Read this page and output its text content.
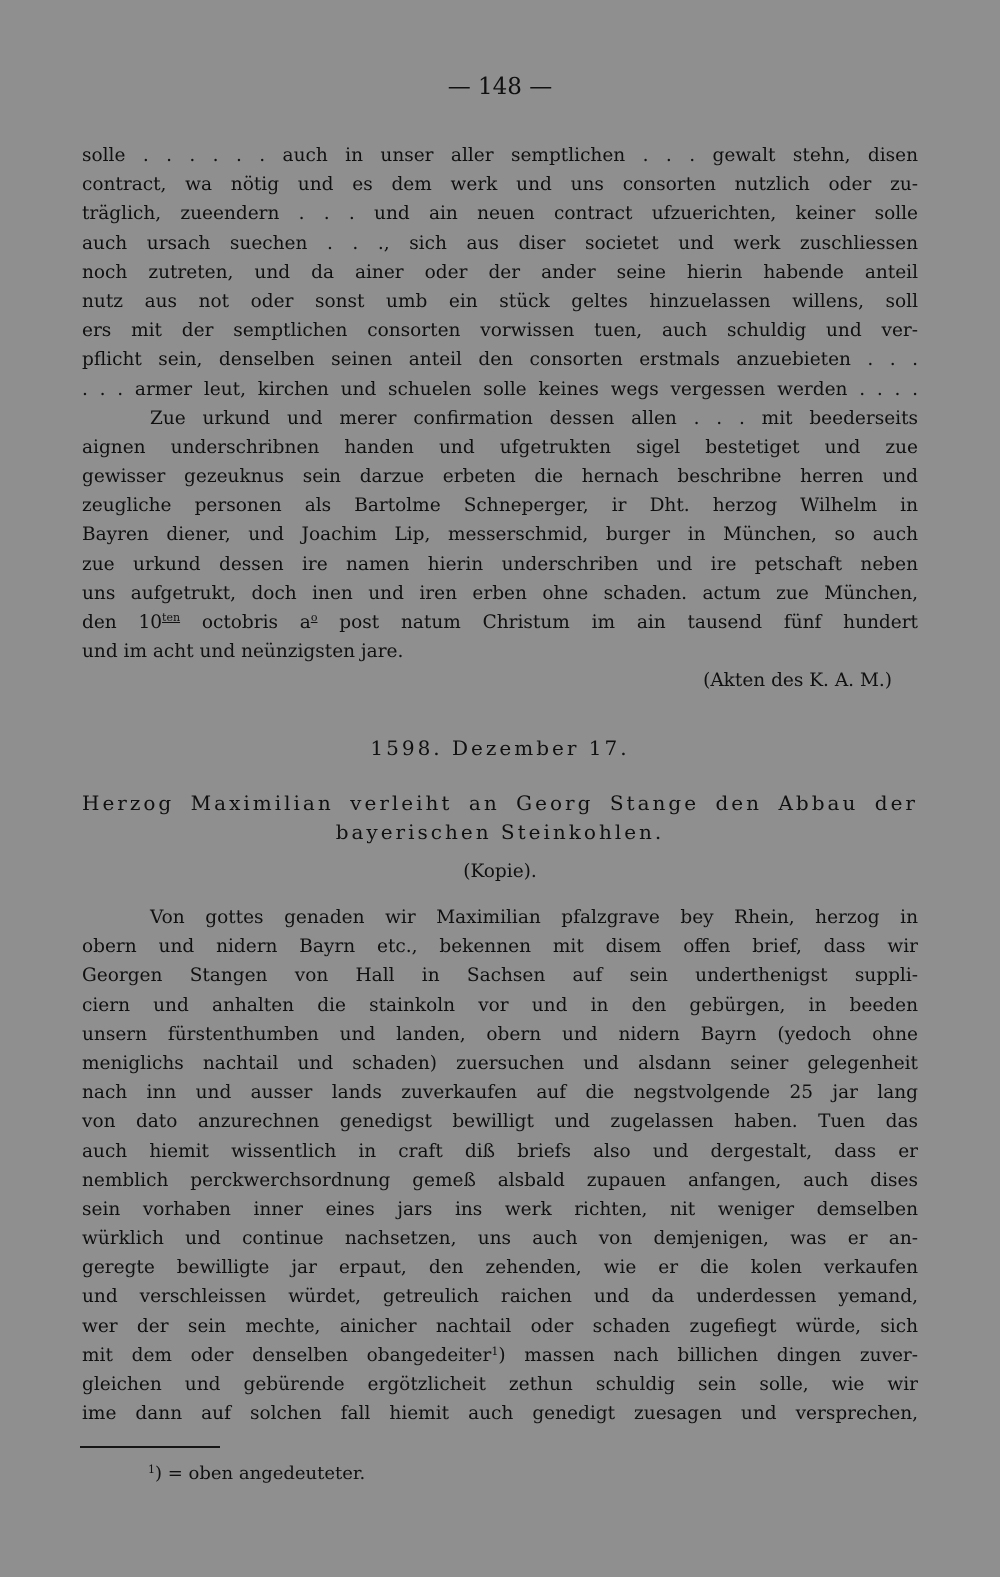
— 148 —
solle . . . . . . auch in unser aller semptlichen . . . gewalt stehn, disen
contract, wa nötig und es dem werk und uns consorten nutzlich oder zu-
träglich, zueendern . . . und ain neuen contract ufzuerichten, keiner solle
auch ursach suechen . . ., sich aus diser societet und werk zuschliessen
noch zutreten, und da ainer oder der ander seine hierin habende anteil
nutz aus not oder sonst umb ein stück geltes hinzuelassen willens, soll
ers mit der semptlichen consorten vorwissen tuen, auch schuldig und ver-
pflicht sein, denselben seinen anteil den consorten erstmals anzuebieten . . .
. . . armer leut, kirchen und schuelen solle keines wegs vergessen werden . . . .
Zue urkund und merer confirmation dessen allen . . . mit beederseits
aignen underschribnen handen und ufgetrukten sigel bestetiget und zue
gewisser gezeuknus sein darzue erbeten die hernach beschribne herren und
zeugliche personen als Bartolme Schneperger, ir Dht. herzog Wilhelm in
Bayren diener, und Joachim Lip, messerschmid, burger in München, so auch
zue urkund dessen ire namen hierin underschriben und ire petschaft neben
uns aufgetrukt, doch inen und iren erben ohne schaden. actum zue München,
den $10^{ten}$ octobris $a^o$ post natum Christum im ain tausend fünf hundert
und im acht und neünzigsten jare.
(Akten des K. A. M.)
1598. Dezember 17.
Herzog Maximilian verleiht an Georg Stange den Abbau der
bayerischen Steinkohlen.
(Kopie).
Von gottes genaden wir Maximilian pfalzgrave bey Rhein, herzog in
obern und nidern Bayrn etc., bekennen mit disem offen brief, dass wir
Georgen Stangen von Hall in Sachsen auf sein underthenigst suppli-
ciern und anhalten die stainkoln vor und in den gebürgen, in beeden
unsern fürstenthumben und landen, obern und nidern Bayrn (yedoch ohne
meniglichs nachtail und schaden) zuersuchen und alsdann seiner gelegenheit
nach inn und ausser lands zuverkaufen auf die negstvolgende 25 jar lang
von dato anzurechnen genedigst bewilligt und zugelassen haben. Tuen das
auch hiemit wissentlich in craft diß briefs also und dergestalt, dass er
nemblich perckwerchsordnung gemeß alsbald zupauen anfangen, auch dises
sein vorhaben inner eines jars ins werk richten, nit weniger demselben
würklich und continue nachsetzen, uns auch von demjenigen, was er an-
geregte bewilligte jar erpaut, den zehenden, wie er die kolen verkaufen
und verschleissen würdet, getreulich raichen und da underdessen yemand,
wer der sein mechte, ainicher nachtail oder schaden zugefiegt würde, sich
mit dem oder denselben obangedeiter$^1$) massen nach billichen dingen zuver-
gleichen und gebürende ergötzlicheit zethun schuldig sein solle, wie wir
ime dann auf solchen fall hiemit auch genedigt zuesagen und versprechen,
$^1$) = oben angedeuteter.
